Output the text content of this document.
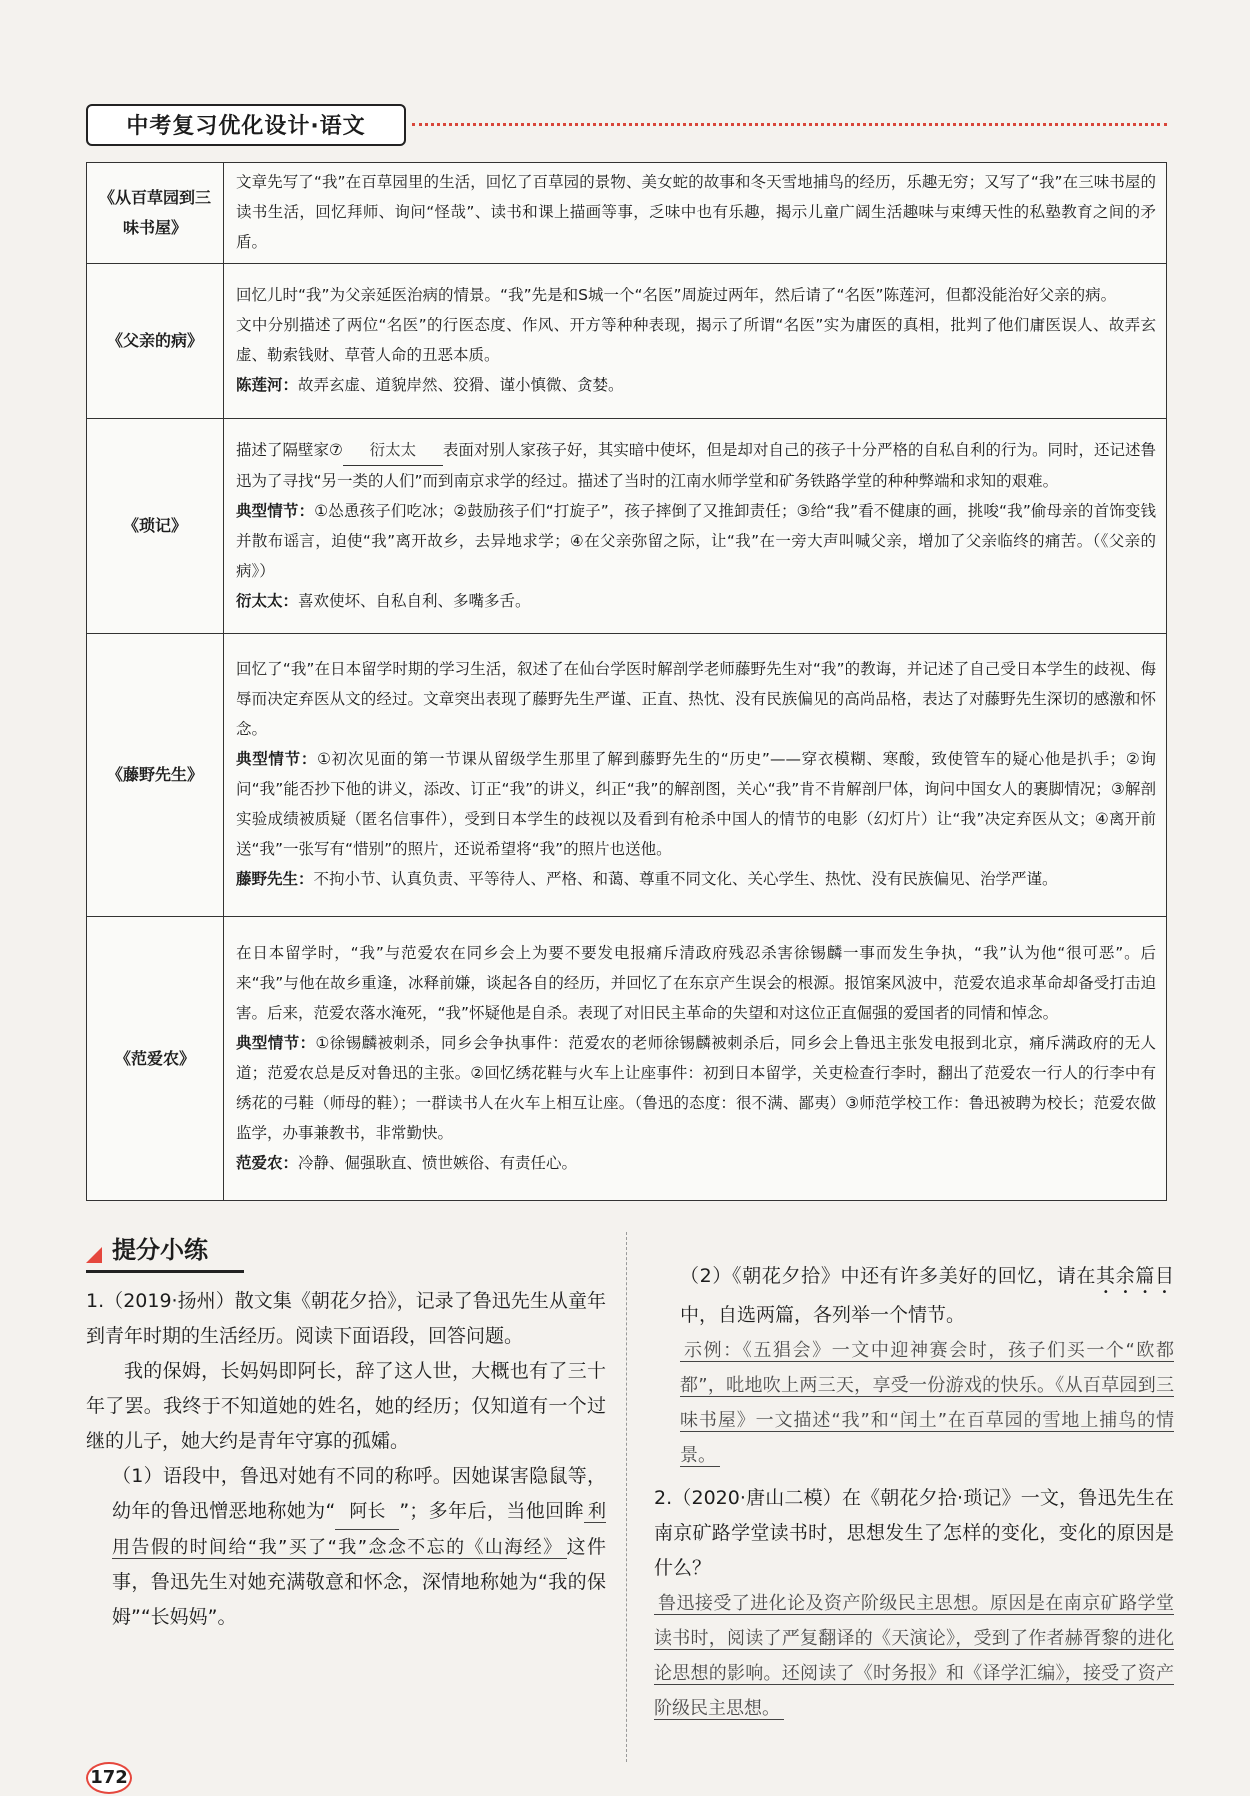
中考复习优化设计·语文
《从百草园到三味书屋》	文章先写了“我”在百草园里的生活，回忆了百草园的景物、美女蛇的故事和冬天雪地捕鸟的经历，乐趣无穷；又写了“我”在三味书屋的读书生活，回忆拜师、询问“怪哉”、读书和课上描画等事，乏味中也有乐趣，揭示儿童广阔生活趣味与束缚天性的私塾教育之间的矛盾。

《父亲的病》	回忆儿时“我”为父亲延医治病的情景。“我”先是和S城一个“名医”周旋过两年，然后请了“名医”陈莲河，但都没能治好父亲的病。

文中分别描述了两位“名医”的行医态度、作风、开方等种种表现，揭示了所谓“名医”实为庸医的真相，批判了他们庸医误人、故弄玄虚、勒索钱财、草菅人命的丑恶本质。

陈莲河：故弄玄虚、道貌岸然、狡猾、谨小慎微、贪婪。

《琐记》	描述了隔壁家⑦ 衍太太 表面对别人家孩子好，其实暗中使坏，但是却对自己的孩子十分严格的自私自利的行为。同时，还记述鲁迅为了寻找“另一类的人们”而到南京求学的经过。描述了当时的江南水师学堂和矿务铁路学堂的种种弊端和求知的艰难。

典型情节：①怂恿孩子们吃冰；②鼓励孩子们“打旋子”，孩子摔倒了又推卸责任；③给“我”看不健康的画，挑唆“我”偷母亲的首饰变钱并散布谣言，迫使“我”离开故乡，去异地求学；④在父亲弥留之际，让“我”在一旁大声叫喊父亲，增加了父亲临终的痛苦。（《父亲的病》）

衍太太：喜欢使坏、自私自利、多嘴多舌。

《藤野先生》	回忆了“我”在日本留学时期的学习生活，叙述了在仙台学医时解剖学老师藤野先生对“我”的教诲，并记述了自己受日本学生的歧视、侮辱而决定弃医从文的经过。文章突出表现了藤野先生严谨、正直、热忱、没有民族偏见的高尚品格，表达了对藤野先生深切的感激和怀念。

典型情节：①初次见面的第一节课从留级学生那里了解到藤野先生的“历史”——穿衣模糊、寒酸，致使管车的疑心他是扒手；②询问“我”能否抄下他的讲义，添改、订正“我”的讲义，纠正“我”的解剖图，关心“我”肯不肯解剖尸体，询问中国女人的裹脚情况；③解剖实验成绩被质疑（匿名信事件），受到日本学生的歧视以及看到有枪杀中国人的情节的电影（幻灯片）让“我”决定弃医从文；④离开前送“我”一张写有“惜别”的照片，还说希望将“我”的照片也送他。

藤野先生：不拘小节、认真负责、平等待人、严格、和蔼、尊重不同文化、关心学生、热忱、没有民族偏见、治学严谨。

《范爱农》	在日本留学时，“我”与范爱农在同乡会上为要不要发电报痛斥清政府残忍杀害徐锡麟一事而发生争执，“我”认为他“很可恶”。后来“我”与他在故乡重逢，冰释前嫌，谈起各自的经历，并回忆了在东京产生误会的根源。报馆案风波中，范爱农追求革命却备受打击迫害。后来，范爱农落水淹死，“我”怀疑他是自杀。表现了对旧民主革命的失望和对这位正直倔强的爱国者的同情和悼念。

典型情节：①徐锡麟被刺杀，同乡会争执事件：范爱农的老师徐锡麟被刺杀后，同乡会上鲁迅主张发电报到北京，痛斥满政府的无人道；范爱农总是反对鲁迅的主张。②回忆绣花鞋与火车上让座事件：初到日本留学，关吏检查行李时，翻出了范爱农一行人的行李中有绣花的弓鞋（师母的鞋）；一群读书人在火车上相互让座。（鲁迅的态度：很不满、鄙夷）③师范学校工作：鲁迅被聘为校长；范爱农做监学，办事兼教书，非常勤快。

范爱农：冷静、倔强耿直、愤世嫉俗、有责任心。

提分小练

1.（2019·扬州）散文集《朝花夕拾》，记录了鲁迅先生从童年到青年时期的生活经历。阅读下面语段，回答问题。

我的保姆，长妈妈即阿长，辞了这人世，大概也有了三十年了罢。我终于不知道她的姓名，她的经历；仅知道有一个过继的儿子，她大约是青年守寡的孤孀。

（1）语段中，鲁迅对她有不同的称呼。因她谋害隐鼠等，幼年的鲁迅憎恶地称她为“ 阿长 ”；多年后，当他回眸 利用告假的时间给“我”买了“我”念念不忘的《山海经》 这件事，鲁迅先生对她充满敬意和怀念，深情地称她为“我的保姆”“长妈妈”。

（2）《朝花夕拾》中还有许多美好的回忆，请在其余篇目中，自选两篇，各列举一个情节。

示例：《五猖会》一文中迎神赛会时，孩子们买一个“欧都都”，吡地吹上两三天，享受一份游戏的快乐。《从百草园到三味书屋》一文描述“我”和“闰土”在百草园的雪地上捕鸟的情景。

2.（2020·唐山二模）在《朝花夕拾·琐记》一文，鲁迅先生在南京矿路学堂读书时，思想发生了怎样的变化，变化的原因是什么？

鲁迅接受了进化论及资产阶级民主思想。原因是在南京矿路学堂读书时，阅读了严复翻译的《天演论》，受到了作者赫胥黎的进化论思想的影响。还阅读了《时务报》和《译学汇编》，接受了资产阶级民主思想。

172
